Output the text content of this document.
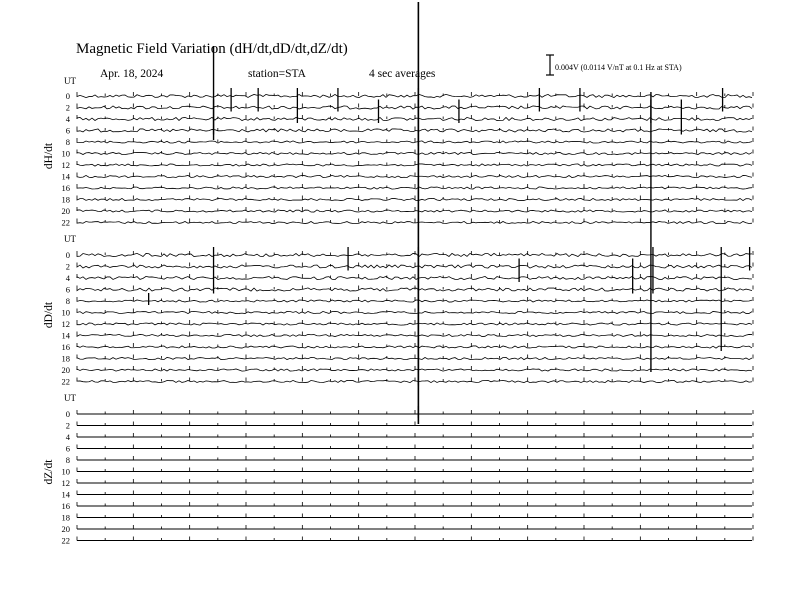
Magnetic Field Variation (dH/dt,dD/dt,dZ/dt)
Apr. 18, 2024	station=STA	4 sec averages
0.004V (0.0114 V/nT at 0.1 Hz at STA)
UT
dH/dt
0
2
4
6
8
10
12
14
16
18
20
22
UT
dD/dt
0
2
4
6
8
10
12
14
16
18
20
22
UT
dZ/dt
0
2
4
6
8
10
12
14
16
18
20
22
